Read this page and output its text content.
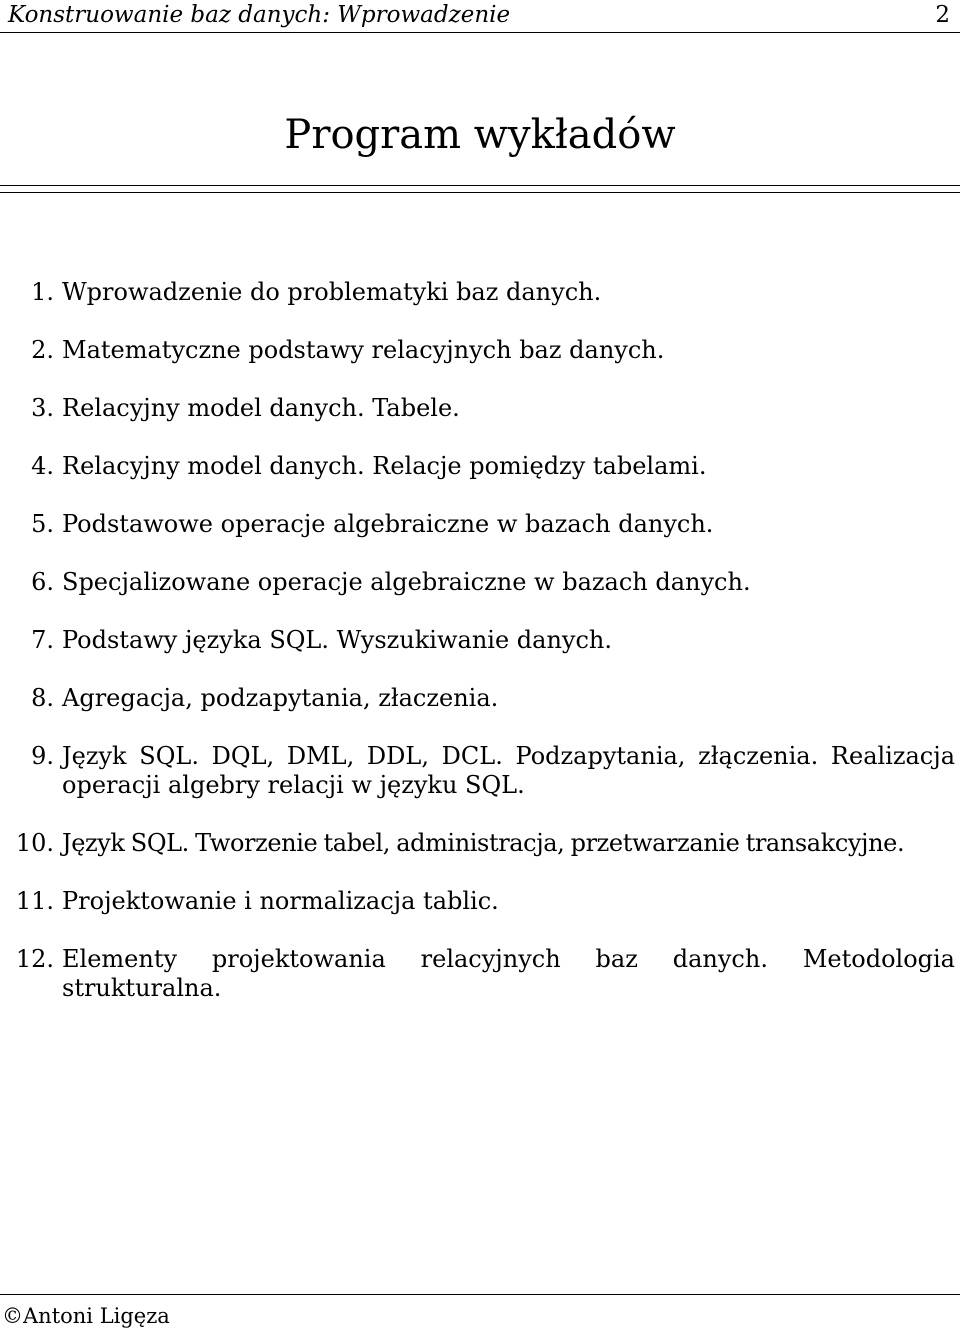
Konstruowanie baz danych: Wprowadzenie	2
Program wykładów
1. Wprowadzenie do problematyki baz danych.
2. Matematyczne podstawy relacyjnych baz danych.
3. Relacyjny model danych. Tabele.
4. Relacyjny model danych. Relacje pomiędzy tabelami.
5. Podstawowe operacje algebraiczne w bazach danych.
6. Specjalizowane operacje algebraiczne w bazach danych.
7. Podstawy języka SQL. Wyszukiwanie danych.
8. Agregacja, podzapytania, złaczenia.
9. Język SQL. DQL, DML, DDL, DCL. Podzapytania, złączenia. Realizacja operacji algebry relacji w języku SQL.
10. Język SQL. Tworzenie tabel, administracja, przetwarzanie transakcyjne.
11. Projektowanie i normalizacja tablic.
12. Elementy projektowania relacyjnych baz danych. Metodologia strukturalna.
©Antoni Ligęza
